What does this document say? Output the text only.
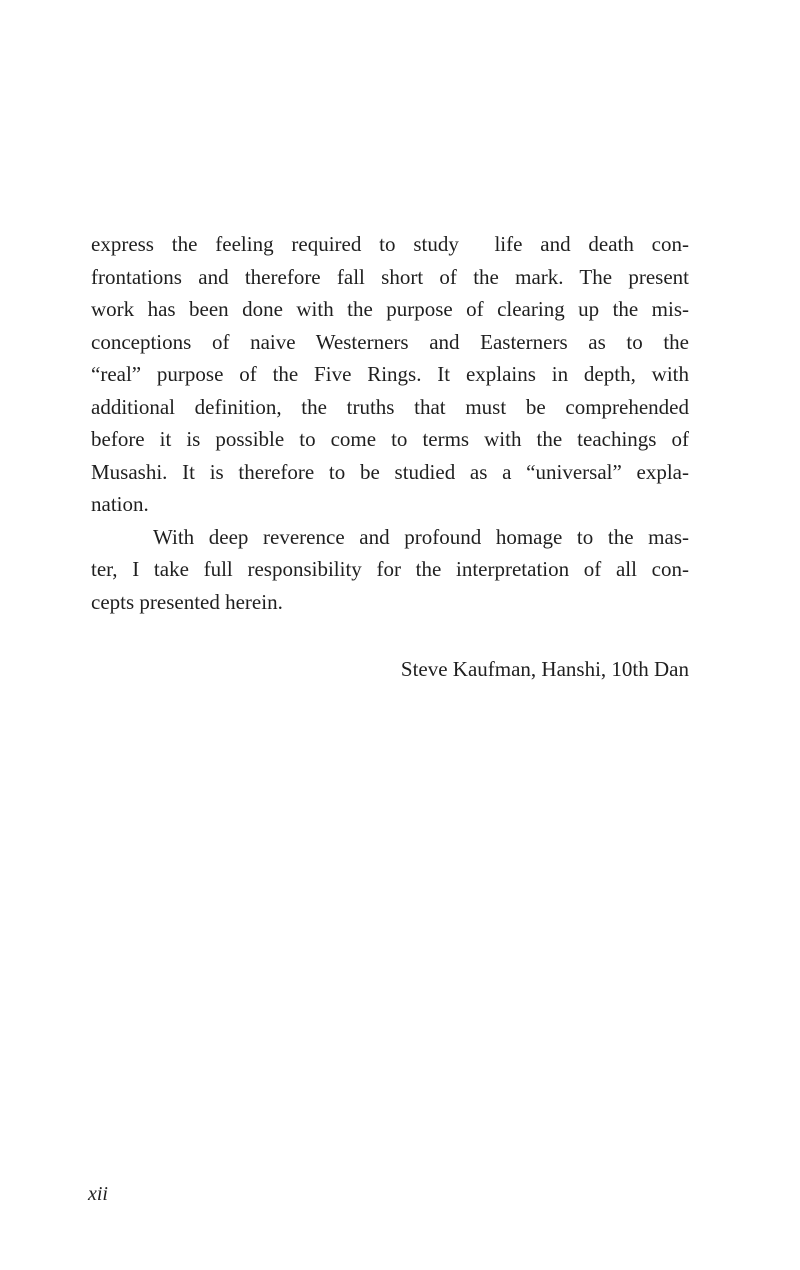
express the feeling required to study  life and death con-
frontations and therefore fall short of the mark. The present
work has been done with the purpose of clearing up the mis-
conceptions of naive Westerners and Easterners as to the
“real” purpose of the Five Rings. It explains in depth, with
additional definition, the truths that must be comprehended
before it is possible to come to terms with the teachings of
Musashi. It is therefore to be studied as a “universal” expla-
nation.
With deep reverence and profound homage to the mas-
ter, I take full responsibility for the interpretation of all con-
cepts presented herein.
Steve Kaufman, Hanshi, 10th Dan
xii
